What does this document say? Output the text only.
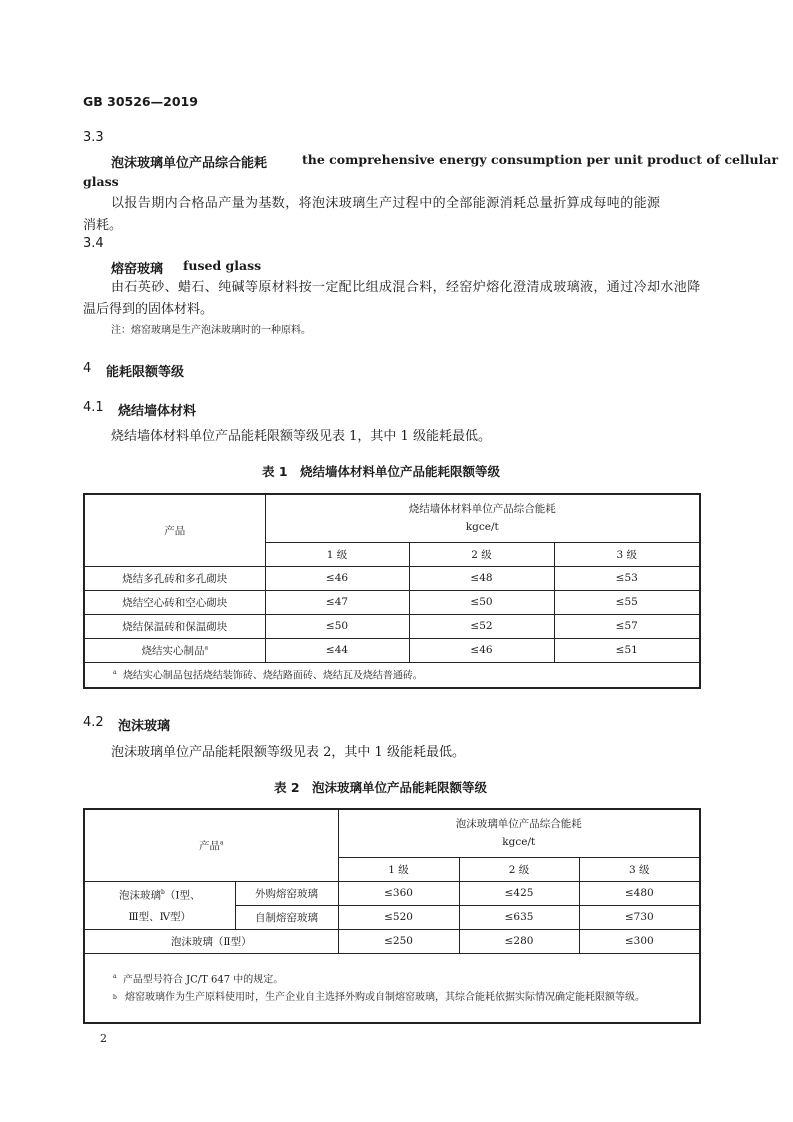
GB 30526—2019
3.3
泡沫玻璃单位产品综合能耗	the comprehensive energy consumption per unit product of cellular
glass
以报告期内合格品产量为基数，将泡沫玻璃生产过程中的全部能源消耗总量折算成每吨的能源
消耗。
3.4
熔窑玻璃 fused glass
由石英砂、蜡石、纯碱等原材料按一定配比组成混合料，经窑炉熔化澄清成玻璃液，通过冷却水池降
温后得到的固体材料。
注：熔窑玻璃是生产泡沫玻璃时的一种原料。
4 能耗限额等级
4.1 烧结墙体材料
烧结墙体材料单位产品能耗限额等级见表 1，其中 1 级能耗最低。
表 1　烧结墙体材料单位产品能耗限额等级
产品	烧结墙体材料单位产品综合能耗
kgce/t		

	1 级	2 级	3 级
烧结多孔砖和多孔砌块	≤46	≤48	≤53
烧结空心砖和空心砌块	≤47	≤50	≤55
烧结保温砖和保温砌块	≤50	≤52	≤57
烧结实心制品$^a$	≤44	≤46	≤51
$^a$ 烧结实心制品包括烧结装饰砖、烧结路面砖、烧结瓦及烧结普通砖。			
4.2 泡沫玻璃
泡沫玻璃单位产品能耗限额等级见表 2，其中 1 级能耗最低。
表 2　泡沫玻璃单位产品能耗限额等级
产品$^a$		泡沫玻璃单位产品综合能耗
kgce/t		

		1 级	2 级	3 级
泡沫玻璃$^b$（Ⅰ型、
Ⅲ型、Ⅳ型）	外购熔窑玻璃	≤360	≤425	≤480
	自制熔窑玻璃	≤520	≤635	≤730
泡沫玻璃（Ⅱ型）		≤250	≤280	≤300

$^a$ 产品型号符合 JC/T 647 中的规定。
b 熔窑玻璃作为生产原料使用时，生产企业自主选择外购或自制熔窑玻璃，其综合能耗依据实际情况确定能耗限额等级。				
2
